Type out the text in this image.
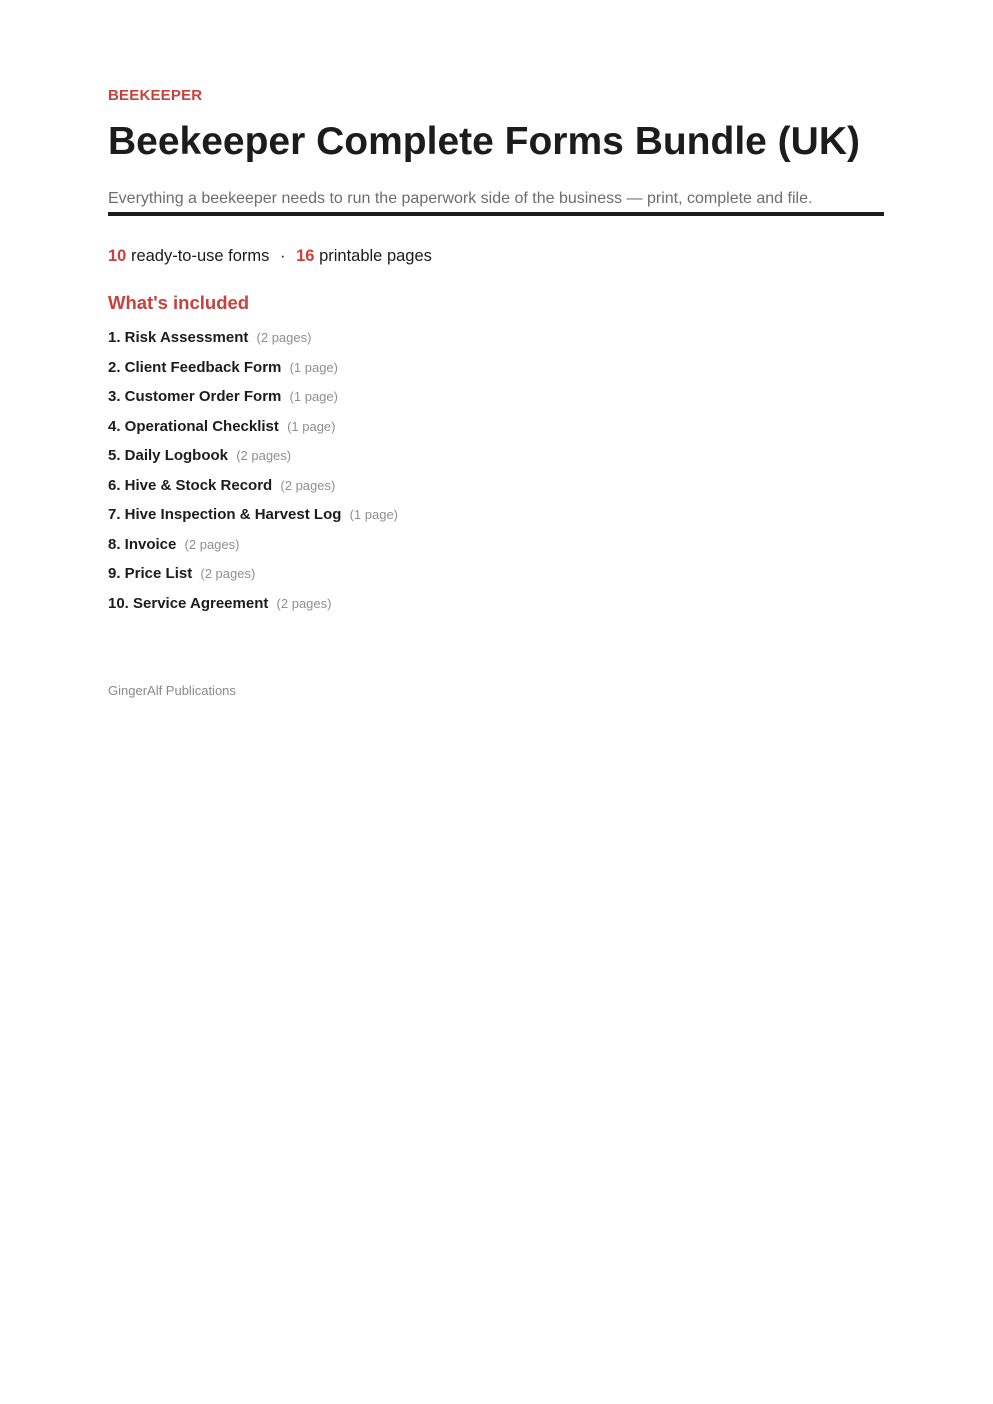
BEEKEEPER
Beekeeper Complete Forms Bundle (UK)
Everything a beekeeper needs to run the paperwork side of the business — print, complete and file.
10 ready-to-use forms · 16 printable pages
What's included
1. Risk Assessment (2 pages)
2. Client Feedback Form (1 page)
3. Customer Order Form (1 page)
4. Operational Checklist (1 page)
5. Daily Logbook (2 pages)
6. Hive & Stock Record (2 pages)
7. Hive Inspection & Harvest Log (1 page)
8. Invoice (2 pages)
9. Price List (2 pages)
10. Service Agreement (2 pages)
GingerAlf Publications
